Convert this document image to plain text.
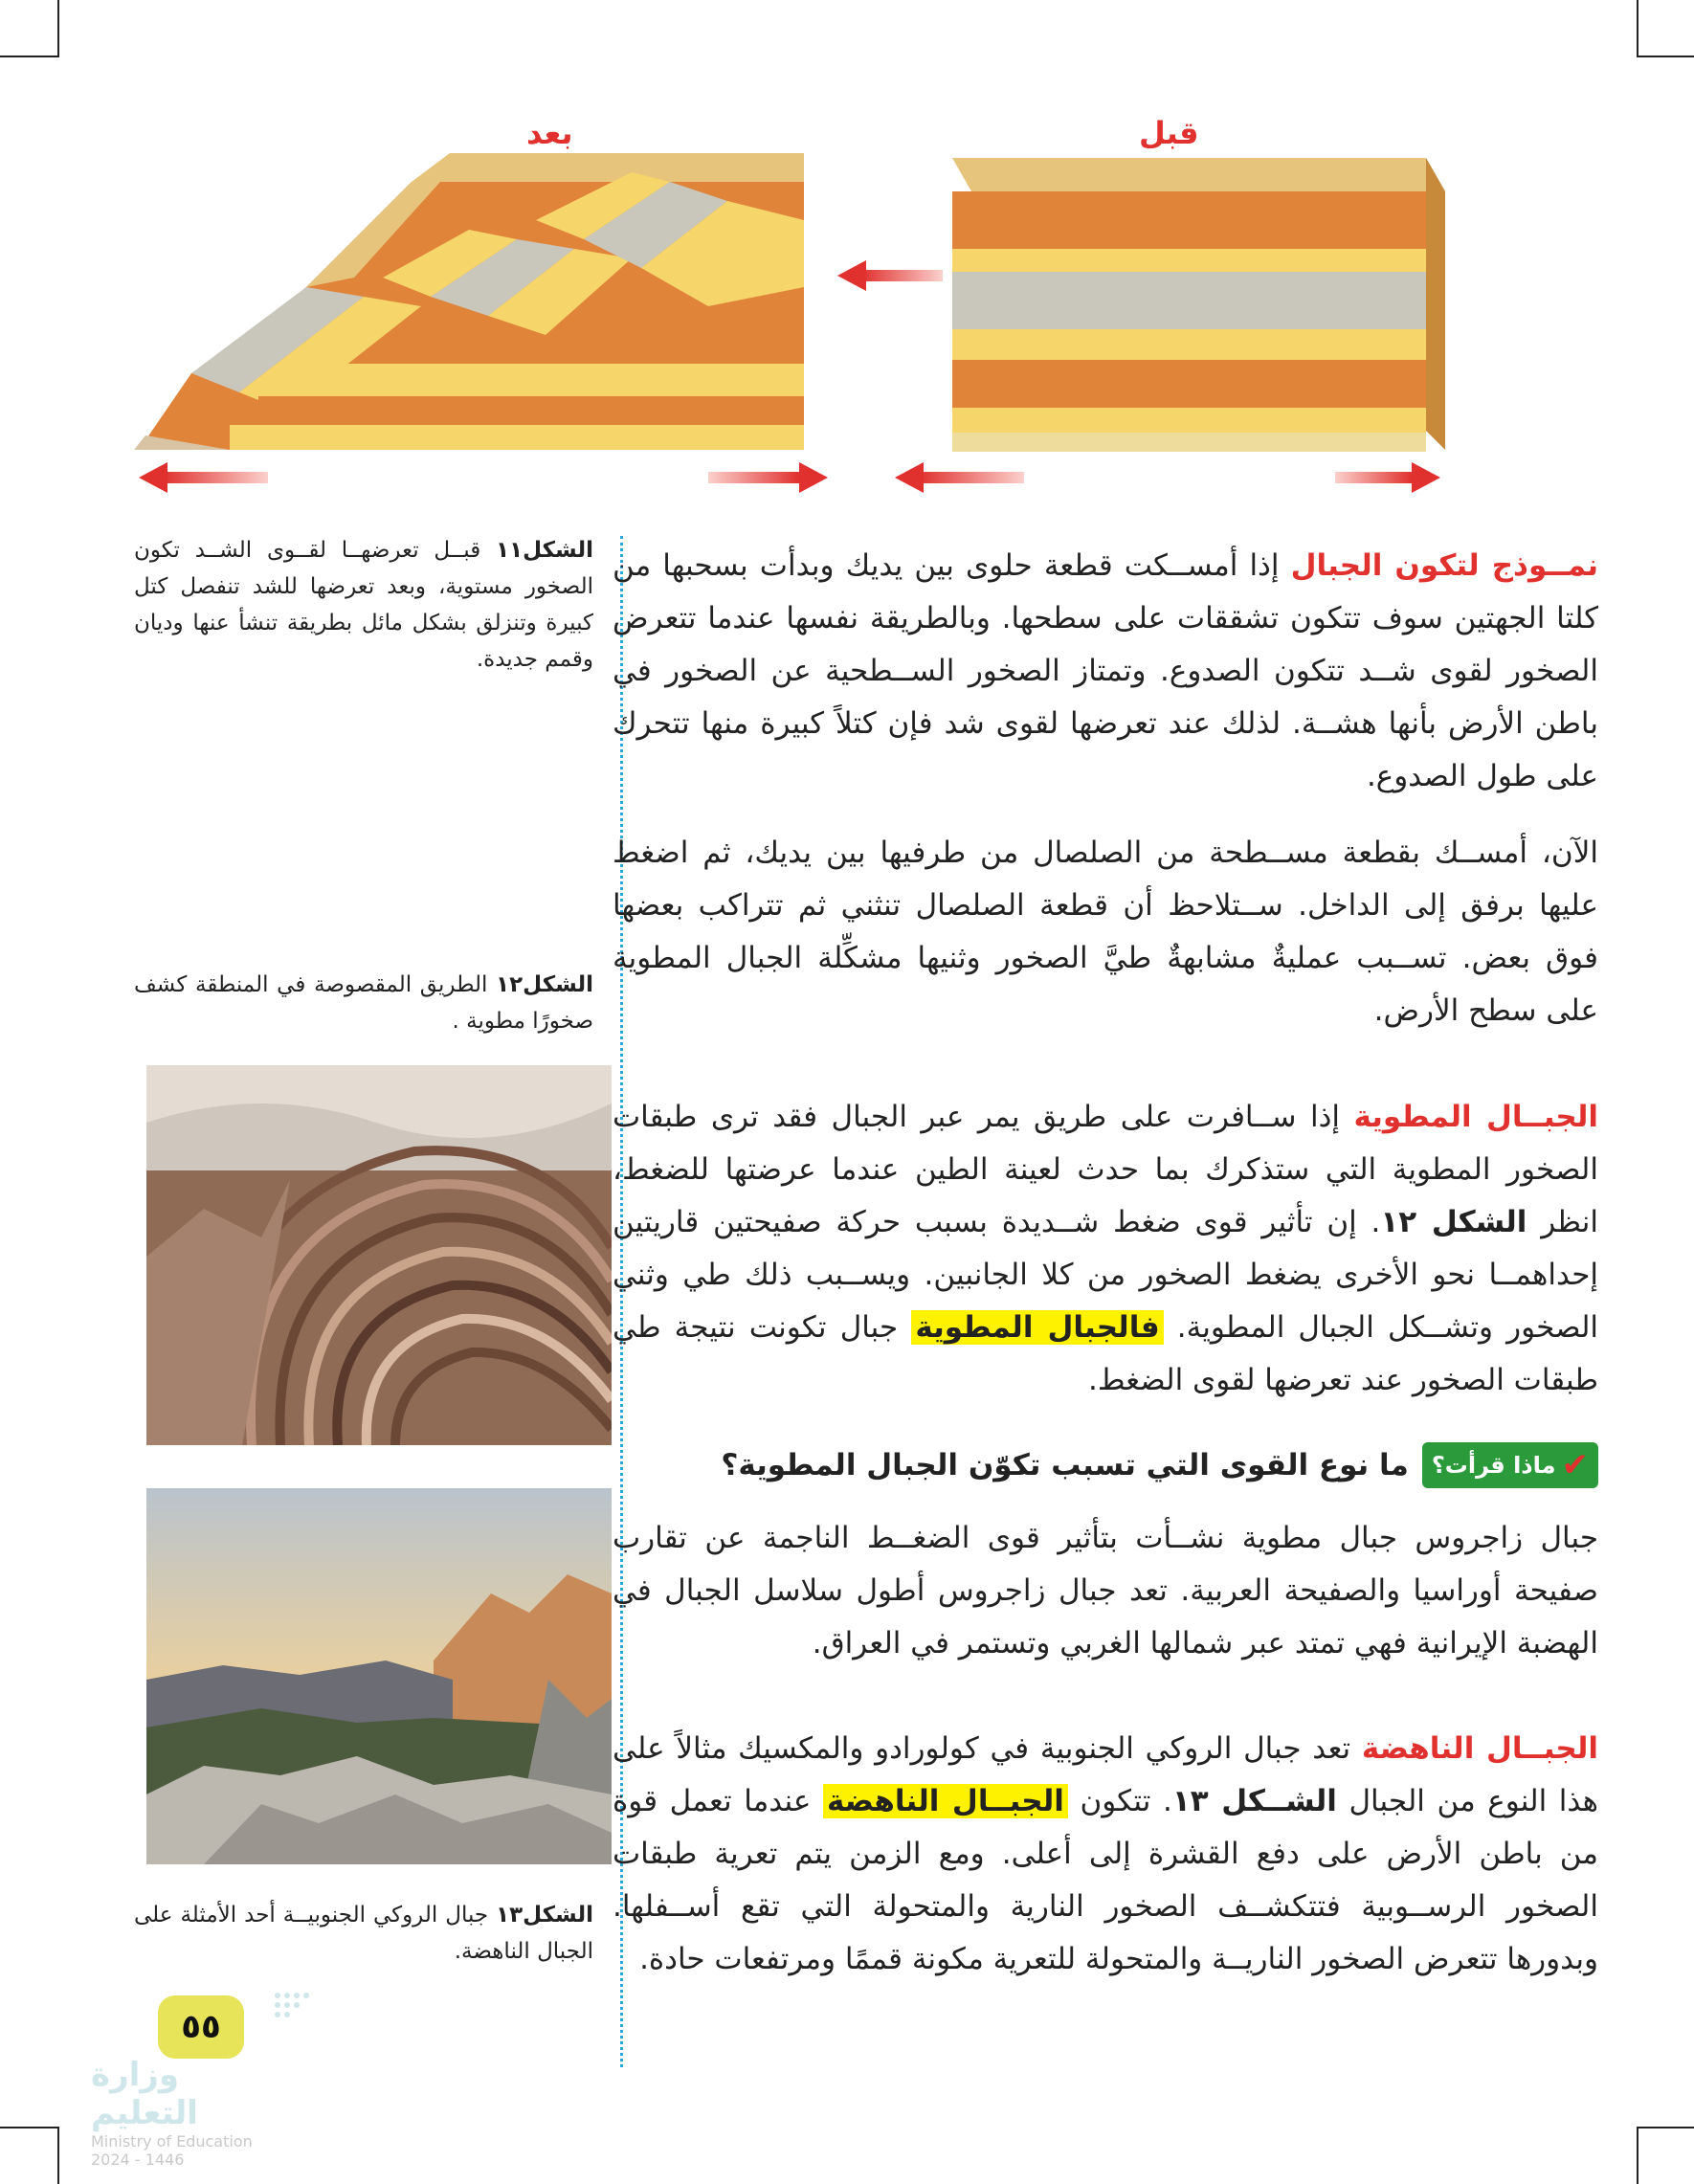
بعد	قبل
الشكل١١ قبــل تعرضهــا لقــوى الشــد تكون الصخور مستوية، وبعد تعرضها للشد تنفصل كتل كبيرة وتنزلق بشكل مائل بطريقة تنشأ عنها وديان وقمم جديدة.
الشكل١٢ الطريق المقصوصة في المنطقة كشف صخورًا مطوية .
الشكل١٣ جبال الروكي الجنوبيــة أحد الأمثلة على الجبال الناهضة.

نمــوذج لتكون الجبال إذا أمســكت قطعة حلوى بين يديك وبدأت بسحبها من كلتا الجهتين سوف تتكون تشققات على سطحها. وبالطريقة نفسها عندما تتعرض الصخور لقوى شــد تتكون الصدوع. وتمتاز الصخور الســطحية عن الصخور في باطن الأرض بأنها هشــة. لذلك عند تعرضها لقوى شد فإن كتلاً كبيرة منها تتحرك على طول الصدوع.

الآن، أمســك بقطعة مســطحة من الصلصال من طرفيها بين يديك، ثم اضغط عليها برفق إلى الداخل. ســتلاحظ أن قطعة الصلصال تنثني ثم تتراكب بعضها فوق بعض. تســبب عمليةٌ مشابهةٌ طيَّ الصخور وثنيها مشكِّلة الجبال المطوية على سطح الأرض.

الجبــال المطوية إذا ســافرت على طريق يمر عبر الجبال فقد ترى طبقات الصخور المطوية التي ستذكرك بما حدث لعينة الطين عندما عرضتها للضغط، انظر الشكل ١٢. إن تأثير قوى ضغط شــديدة بسبب حركة صفيحتين قاريتين إحداهمــا نحو الأخرى يضغط الصخور من كلا الجانبين. ويســبب ذلك طي وثني الصخور وتشــكل الجبال المطوية. فالجبال المطوية جبال تكونت نتيجة طي طبقات الصخور عند تعرضها لقوى الضغط.

✔
ماذا قرأت؟
ما نوع القوى التي تسبب تكوّن الجبال المطوية؟

جبال زاجروس جبال مطوية نشــأت بتأثير قوى الضغــط الناجمة عن تقارب صفيحة أوراسيا والصفيحة العربية. تعد جبال زاجروس أطول سلاسل الجبال في الهضبة الإيرانية فهي تمتد عبر شمالها الغربي وتستمر في العراق.

الجبــال الناهضة تعد جبال الروكي الجنوبية في كولورادو والمكسيك مثالاً على هذا النوع من الجبال الشــكل ١٣. تتكون الجبــال الناهضة عندما تعمل قوة من باطن الأرض على دفع القشرة إلى أعلى. ومع الزمن يتم تعرية طبقات الصخور الرســوبية فتتكشــف الصخور النارية والمتحولة التي تقع أســفلها. وبدورها تتعرض الصخور الناريــة والمتحولة للتعرية مكونة قممًا ومرتفعات حادة.

٥٥
وزارة التعليم
Ministry of Education
2024 - 1446
